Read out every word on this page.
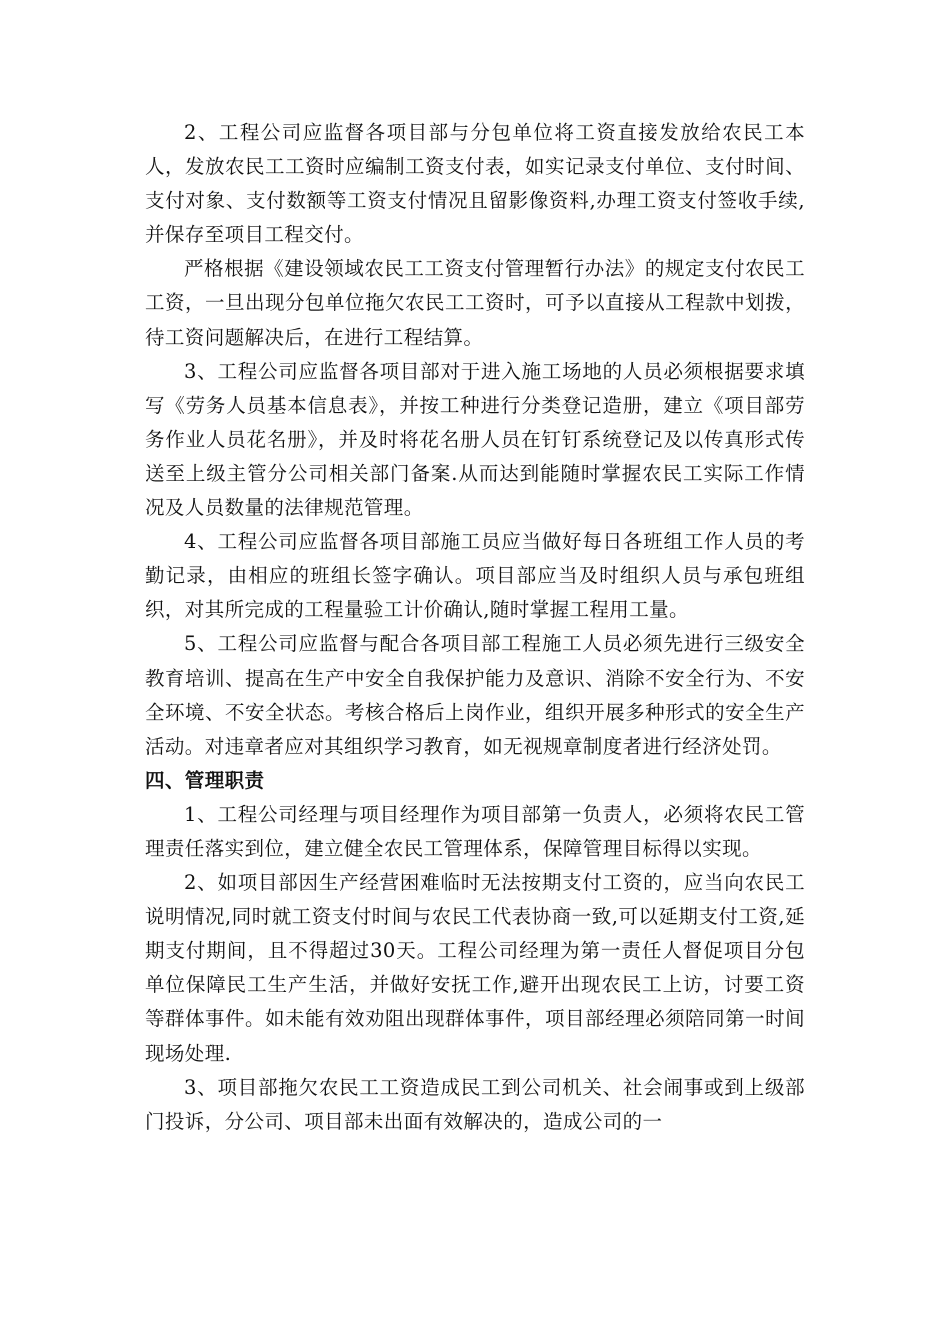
2、工程公司应监督各项目部与分包单位将工资直接发放给农民工本人，发放农民工工资时应编制工资支付表，如实记录支付单位、支付时间、支付对象、支付数额等工资支付情况且留影像资料,办理工资支付签收手续,并保存至项目工程交付。

严格根据《建设领域农民工工资支付管理暂行办法》的规定支付农民工工资，一旦出现分包单位拖欠农民工工资时，可予以直接从工程款中划拨，待工资问题解决后，在进行工程结算。

3、工程公司应监督各项目部对于进入施工场地的人员必须根据要求填写《劳务人员基本信息表》，并按工种进行分类登记造册，建立《项目部劳务作业人员花名册》，并及时将花名册人员在钉钉系统登记及以传真形式传送至上级主管分公司相关部门备案.从而达到能随时掌握农民工实际工作情况及人员数量的法律规范管理。

4、工程公司应监督各项目部施工员应当做好每日各班组工作人员的考勤记录，由相应的班组长签字确认。项目部应当及时组织人员与承包班组织，对其所完成的工程量验工计价确认,随时掌握工程用工量。

5、工程公司应监督与配合各项目部工程施工人员必须先进行三级安全教育培训、提高在生产中安全自我保护能力及意识、消除不安全行为、不安全环境、不安全状态。考核合格后上岗作业，组织开展多种形式的安全生产活动。对违章者应对其组织学习教育，如无视规章制度者进行经济处罚。

四、管理职责

1、工程公司经理与项目经理作为项目部第一负责人，必须将农民工管理责任落实到位，建立健全农民工管理体系，保障管理目标得以实现。

2、如项目部因生产经营困难临时无法按期支付工资的，应当向农民工说明情况,同时就工资支付时间与农民工代表协商一致,可以延期支付工资,延期支付期间，且不得超过30天。工程公司经理为第一责任人督促项目分包单位保障民工生产生活，并做好安抚工作,避开出现农民工上访，讨要工资等群体事件。如未能有效劝阻出现群体事件，项目部经理必须陪同第一时间现场处理.

3、项目部拖欠农民工工资造成民工到公司机关、社会闹事或到上级部门投诉，分公司、项目部未出面有效解决的，造成公司的一
